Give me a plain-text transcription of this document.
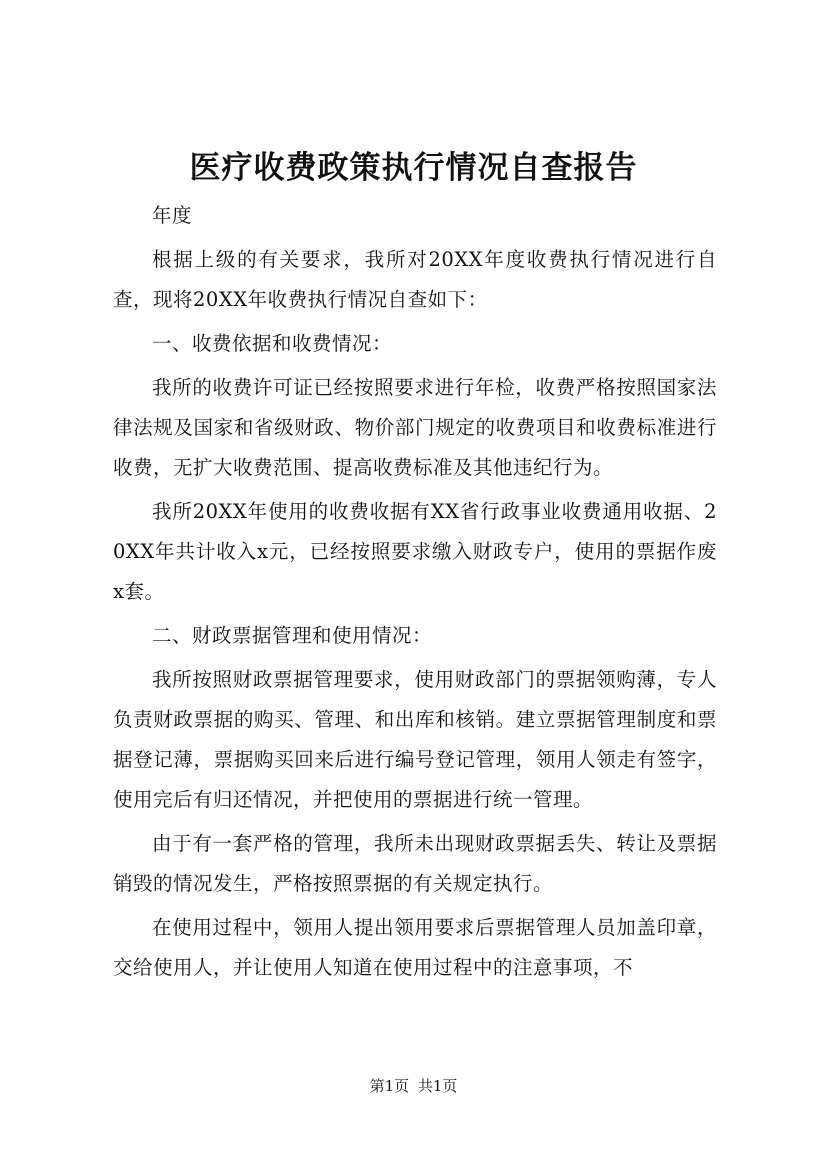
医疗收费政策执行情况自查报告

年度

根据上级的有关要求，我所对20XX年度收费执行情况进行自查，现将20XX年收费执行情况自查如下：

一、收费依据和收费情况：

我所的收费许可证已经按照要求进行年检，收费严格按照国家法律法规及国家和省级财政、物价部门规定的收费项目和收费标准进行收费，无扩大收费范围、提高收费标准及其他违纪行为。

我所20XX年使用的收费收据有XX省行政事业收费通用收据、20XX年共计收入x元，已经按照要求缴入财政专户，使用的票据作废x套。

二、财政票据管理和使用情况：

我所按照财政票据管理要求，使用财政部门的票据领购薄，专人负责财政票据的购买、管理、和出库和核销。建立票据管理制度和票据登记薄，票据购买回来后进行编号登记管理，领用人领走有签字，使用完后有归还情况，并把使用的票据进行统一管理。

由于有一套严格的管理，我所未出现财政票据丢失、转让及票据销毁的情况发生，严格按照票据的有关规定执行。

在使用过程中，领用人提出领用要求后票据管理人员加盖印章，交给使用人，并让使用人知道在使用过程中的注意事项，不

第1页 共1页
